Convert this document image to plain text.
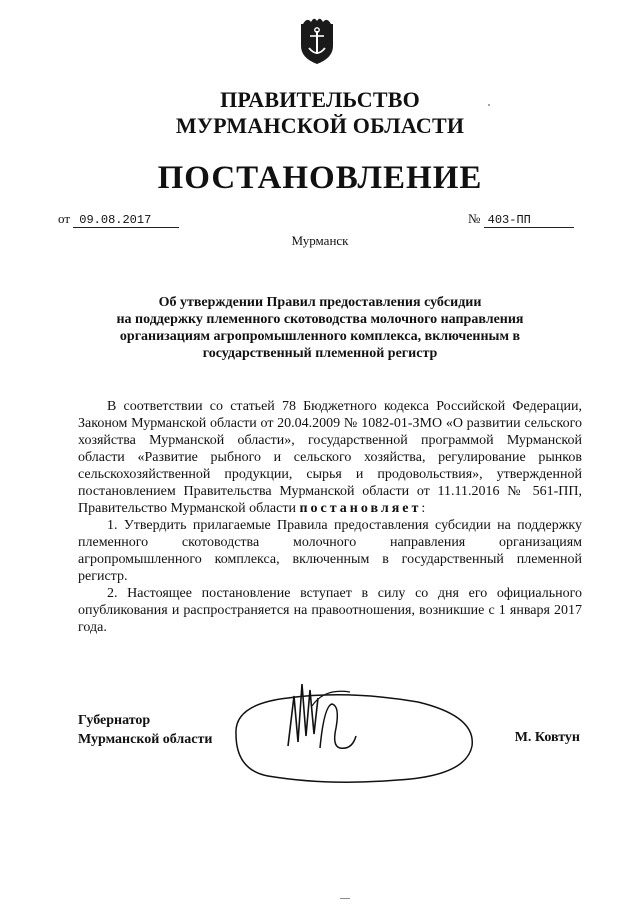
ПРАВИТЕЛЬСТВО
МУРМАНСКОЙ ОБЛАСТИ
ПОСТАНОВЛЕНИЕ
от 09.08.2017	№ 403-ПП
Мурманск
Об утверждении Правил предоставления субсидии
на поддержку племенного скотоводства молочного направления
организациям агропромышленного комплекса, включенным в
государственный племенной регистр

В соответствии со статьей 78 Бюджетного кодекса Российской Федерации, Законом Мурманской области от 20.04.2009 № 1082-01-ЗМО «О развитии сельского хозяйства Мурманской области», государственной программой Мурманской области «Развитие рыбного и сельского хозяйства, регулирование рынков сельскохозяйственной продукции, сырья и продовольствия», утвержденной постановлением Правительства Мурманской области от 11.11.2016 № 561-ПП, Правительство Мурманской области постановляет:

1. Утвердить прилагаемые Правила предоставления субсидии на поддержку племенного скотоводства молочного направления организациям агропромышленного комплекса, включенным в государственный племенной регистр.

2. Настоящее постановление вступает в силу со дня его официального опубликования и распространяется на правоотношения, возникшие с 1 января 2017 года.

Губернатор
Мурманской области	М. Ковтун
